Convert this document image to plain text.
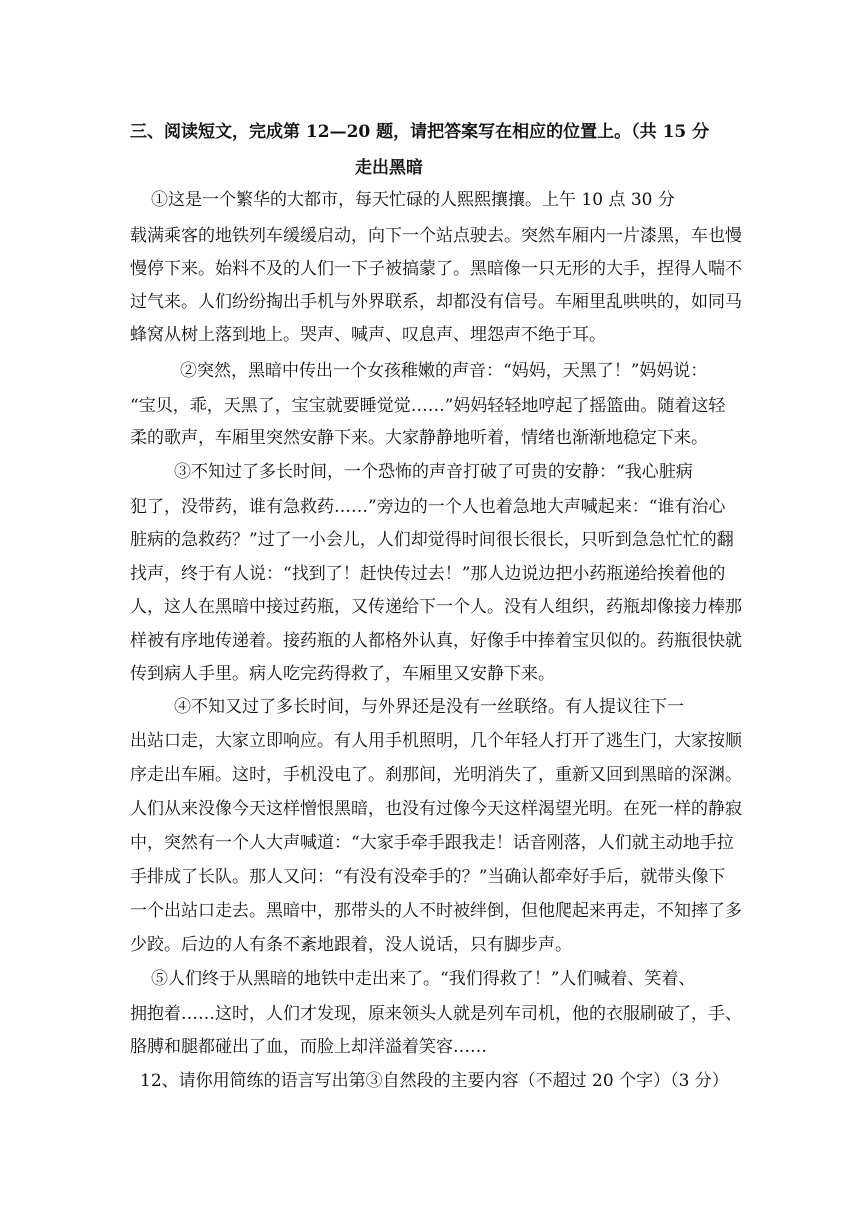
三、阅读短文，完成第 12—20 题，请把答案写在相应的位置上。（共 15 分
走出黑暗
①这是一个繁华的大都市，每天忙碌的人熙熙攘攘。上午 10 点 30 分
载满乘客的地铁列车缓缓启动，向下一个站点驶去。突然车厢内一片漆黑，车也慢
慢停下来。始料不及的人们一下子被搞蒙了。黑暗像一只无形的大手，捏得人喘不
过气来。人们纷纷掏出手机与外界联系，却都没有信号。车厢里乱哄哄的，如同马
蜂窝从树上落到地上。哭声、喊声、叹息声、埋怨声不绝于耳。
②突然，黑暗中传出一个女孩稚嫩的声音：“妈妈，天黑了！”妈妈说：
“宝贝，乖，天黑了，宝宝就要睡觉觉……”妈妈轻轻地哼起了摇篮曲。随着这轻
柔的歌声，车厢里突然安静下来。大家静静地听着，情绪也渐渐地稳定下来。
③不知过了多长时间，一个恐怖的声音打破了可贵的安静：“我心脏病
犯了，没带药，谁有急救药……”旁边的一个人也着急地大声喊起来：“谁有治心
脏病的急救药？”过了一小会儿，人们却觉得时间很长很长，只听到急急忙忙的翻
找声，终于有人说：“找到了！赶快传过去！”那人边说边把小药瓶递给挨着他的
人，这人在黑暗中接过药瓶，又传递给下一个人。没有人组织，药瓶却像接力棒那
样被有序地传递着。接药瓶的人都格外认真，好像手中捧着宝贝似的。药瓶很快就
传到病人手里。病人吃完药得救了，车厢里又安静下来。
④不知又过了多长时间，与外界还是没有一丝联络。有人提议往下一
出站口走，大家立即响应。有人用手机照明，几个年轻人打开了逃生门，大家按顺
序走出车厢。这时，手机没电了。刹那间，光明消失了，重新又回到黑暗的深渊。
人们从来没像今天这样憎恨黑暗，也没有过像今天这样渴望光明。在死一样的静寂
中，突然有一个人大声喊道：“大家手牵手跟我走！话音刚落，人们就主动地手拉
手排成了长队。那人又问：“有没有没牵手的？”当确认都牵好手后，就带头像下
一个出站口走去。黑暗中，那带头的人不时被绊倒，但他爬起来再走，不知摔了多
少跤。后边的人有条不紊地跟着，没人说话，只有脚步声。
⑤人们终于从黑暗的地铁中走出来了。“我们得救了！”人们喊着、笑着、
拥抱着……这时，人们才发现，原来领头人就是列车司机，他的衣服刷破了，手、
胳膊和腿都碰出了血，而脸上却洋溢着笑容……
12、请你用简练的语言写出第③自然段的主要内容（不超过 20 个字）（3 分）
